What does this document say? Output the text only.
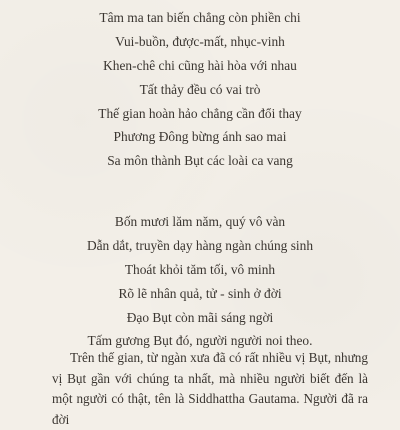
Tâm ma tan biến chẳng còn phiền chi
Vui-buồn, được-mất, nhục-vinh
Khen-chê chi cũng hài hòa với nhau
Tất thảy đều có vai trò
Thế gian hoàn hảo chẳng cần đổi thay
Phương Đông bừng ánh sao mai
Sa môn thành Bụt các loài ca vang
Bốn mươi lăm năm, quý vô vàn
Dẫn dắt, truyền dạy hàng ngàn chúng sinh
Thoát khỏi tăm tối, vô minh
Rõ lẽ nhân quả, tử - sinh ở đời
Đạo Bụt còn mãi sáng ngời
Tấm gương Bụt đó, người người noi theo.

Trên thế gian, từ ngàn xưa đã có rất nhiều vị Bụt, nhưng vị Bụt gần với chúng ta nhất, mà nhiều người biết đến là một người có thật, tên là Siddhattha Gautama. Người đã ra đời
